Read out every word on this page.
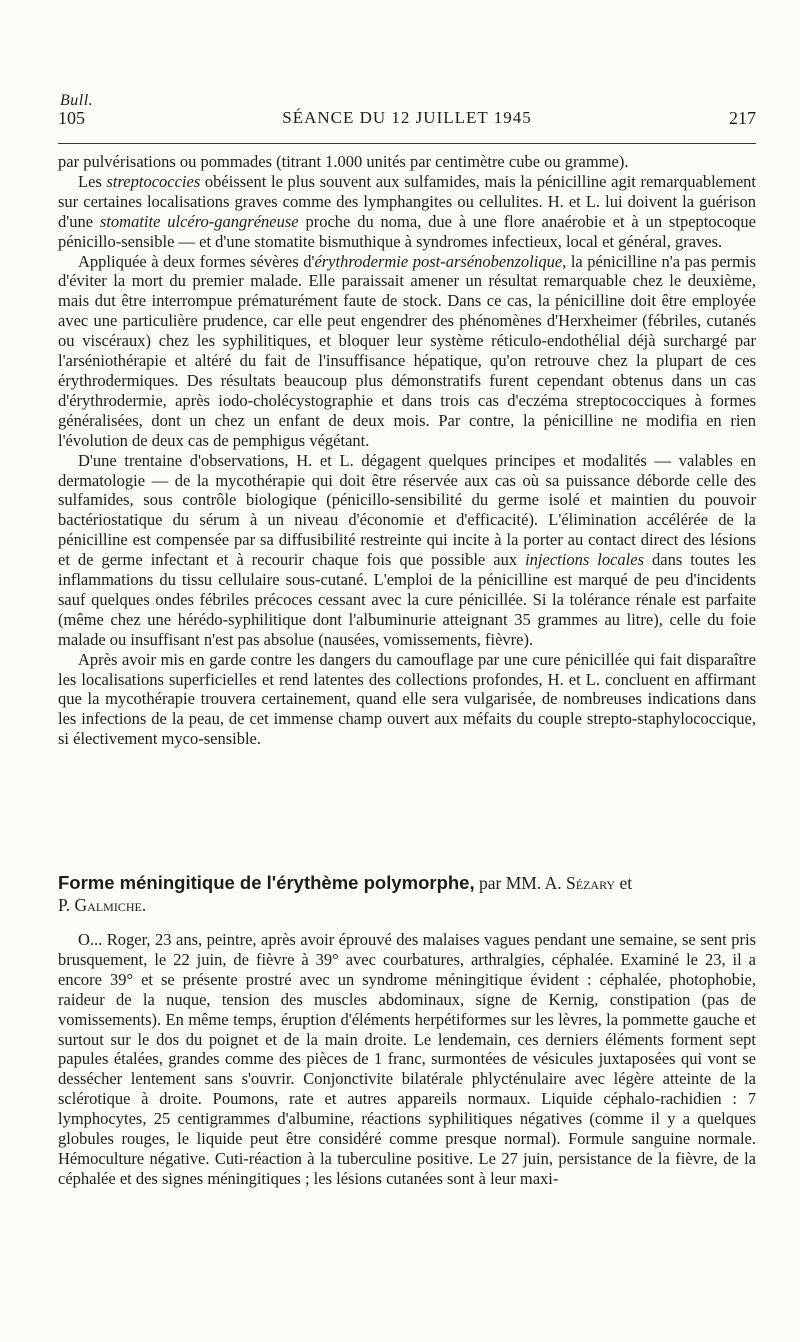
Bull.
105	SÉANCE DU 12 JUILLET 1945	217

par pulvérisations ou pommades (titrant 1.000 unités par centimètre cube ou gramme).

Les streptococcies obéissent le plus souvent aux sulfamides, mais la pénicilline agit remarquablement sur certaines localisations graves comme des lymphangites ou cellulites. H. et L. lui doivent la guérison d'une stomatite ulcéro-gangréneuse proche du noma, due à une flore anaérobie et à un stpeptocoque pénicillo-sensible — et d'une stomatite bismuthique à syndromes infectieux, local et général, graves.

Appliquée à deux formes sévères d'érythrodermie post-arsénobenzolique, la pénicilline n'a pas permis d'éviter la mort du premier malade. Elle paraissait amener un résultat remarquable chez le deuxième, mais dut être interrompue prématurément faute de stock. Dans ce cas, la pénicilline doit être employée avec une particulière prudence, car elle peut engendrer des phénomènes d'Herxheimer (fébriles, cutanés ou viscéraux) chez les syphilitiques, et bloquer leur système réticulo-endothélial déjà surchargé par l'arséniothérapie et altéré du fait de l'insuffisance hépatique, qu'on retrouve chez la plupart de ces érythrodermiques. Des résultats beaucoup plus démonstratifs furent cependant obtenus dans un cas d'érythrodermie, après iodo-cholécystographie et dans trois cas d'eczéma streptococciques à formes généralisées, dont un chez un enfant de deux mois. Par contre, la pénicilline ne modifia en rien l'évolution de deux cas de pemphigus végétant.

D'une trentaine d'observations, H. et L. dégagent quelques principes et modalités — valables en dermatologie — de la mycothérapie qui doit être réservée aux cas où sa puissance déborde celle des sulfamides, sous contrôle biologique (pénicillo-sensibilité du germe isolé et maintien du pouvoir bactériostatique du sérum à un niveau d'économie et d'efficacité). L'élimination accélérée de la pénicilline est compensée par sa diffusibilité restreinte qui incite à la porter au contact direct des lésions et de germe infectant et à recourir chaque fois que possible aux injections locales dans toutes les inflammations du tissu cellulaire sous-cutané. L'emploi de la pénicilline est marqué de peu d'incidents sauf quelques ondes fébriles précoces cessant avec la cure pénicillée. Si la tolérance rénale est parfaite (même chez une hérédo-syphilitique dont l'albuminurie atteignant 35 grammes au litre), celle du foie malade ou insuffisant n'est pas absolue (nausées, vomissements, fièvre).

Après avoir mis en garde contre les dangers du camouflage par une cure pénicillée qui fait disparaître les localisations superficielles et rend latentes des collections profondes, H. et L. concluent en affirmant que la mycothérapie trouvera certainement, quand elle sera vulgarisée, de nombreuses indications dans les infections de la peau, de cet immense champ ouvert aux méfaits du couple strepto-staphylococcique, si électivement myco-sensible.

Forme méningitique de l'érythème polymorphe, par MM. A. Sézary et
P. Galmiche.

O... Roger, 23 ans, peintre, après avoir éprouvé des malaises vagues pendant une semaine, se sent pris brusquement, le 22 juin, de fièvre à 39° avec courbatures, arthralgies, céphalée. Examiné le 23, il a encore 39° et se présente prostré avec un syndrome méningitique évident : céphalée, photophobie, raideur de la nuque, tension des muscles abdominaux, signe de Kernig, constipation (pas de vomissements). En même temps, éruption d'éléments herpétiformes sur les lèvres, la pommette gauche et surtout sur le dos du poignet et de la main droite. Le lendemain, ces derniers éléments forment sept papules étalées, grandes comme des pièces de 1 franc, surmontées de vésicules juxtaposées qui vont se dessécher lentement sans s'ouvrir. Conjonctivite bilatérale phlycténulaire avec légère atteinte de la sclérotique à droite. Poumons, rate et autres appareils normaux. Liquide céphalo-rachidien : 7 lymphocytes, 25 centigrammes d'albumine, réactions syphilitiques négatives (comme il y a quelques globules rouges, le liquide peut être considéré comme presque normal). Formule sanguine normale. Hémoculture négative. Cuti-réaction à la tuberculine positive. Le 27 juin, persistance de la fièvre, de la céphalée et des signes méningitiques ; les lésions cutanées sont à leur maxi-
